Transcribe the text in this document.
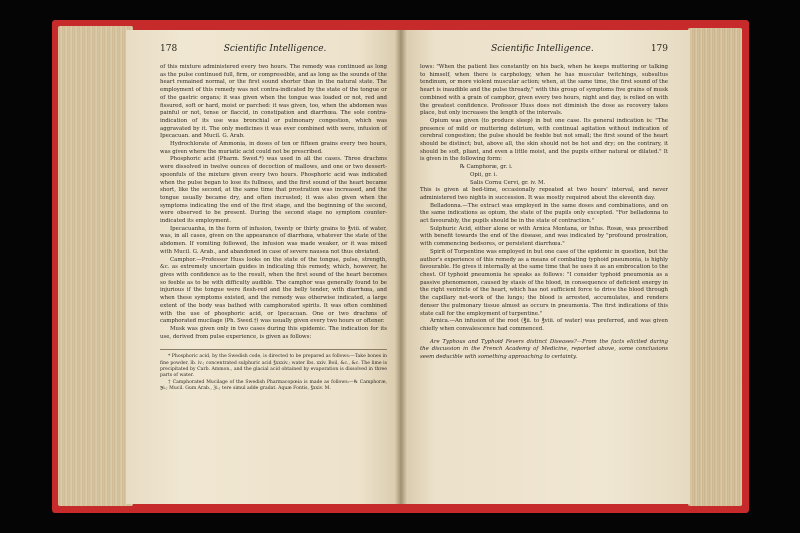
178	Scientific Intelligence.

of this mixture administered every two hours. The remedy was continued as long as the pulse continued full, firm, or compressible, and as long as the sounds of the heart remained normal, or the first sound shorter than in the natural state. The employment of this remedy was not contra-indicated by the state of the tongue or of the gastric organs; it was given when the tongue was loaded or not, red and fissured, soft or hard, moist or parched: it was given, too, when the abdomen was painful or not, tense or flaccid, in constipation and diarrhœa. The sole contra-indication of its use was bronchial or pulmonary congestion, which was aggravated by it. The only medicines it was ever combined with were, infusion of Ipecacuan. and Mucil. G. Arab.

Hydrochlorate of Ammonia, in doses of ten or fifteen grains every two hours, was given where the muriatic acid could not be prescribed.

Phosphoric acid (Pharm. Swed.*) was used in all the cases. Three drachms were dissolved in twelve ounces of decoction of mallows, and one or two dessert-spoonfuls of the mixture given every two hours. Phosphoric acid was indicated when the pulse began to lose its fullness, and the first sound of the heart became short, like the second, at the same time that prostration was increased, and the tongue usually became dry, and often incrusted; it was also given when the symptoms indicating the end of the first stage, and the beginning of the second, were observed to be present. During the second stage no symptom counter-indicated its employment.

Ipecacuanha, in the form of infusion, twenty or thirty grains to ℥viii. of water, was, in all cases, given on the appearance of diarrhœa, whatever the state of the abdomen. If vomiting followed, the infusion was made weaker, or it was mixed with Mucil. G. Arab., and abandoned in case of severe nausea not thus obviated.

Camphor.—Professor Huss looks on the state of the tongue, pulse, strength, &c. as extremely uncertain guides in indicating this remedy, which, however, he gives with confidence as to the result, when the first sound of the heart becomes so feeble as to be with difficulty audible. The camphor was generally found to be injurious if the tongue were flesh-red and the belly tender, with diarrhœa, and when these symptoms existed, and the remedy was otherwise indicated, a large extent of the body was bathed with camphorated spirits. It was often combined with the use of phosphoric acid, or Ipecacuan. One or two drachms of camphorated mucilage (Ph. Swed.†) was usually given every two hours or oftener.

Musk was given only in two cases during this epidemic. The indication for its use, derived from pulse experience, is given as follows:

* Phosphoric acid, by the Swedish code, is directed to be prepared as follows:—Take bones in fine powder, lb. iv.; concentrated sulphuric acid ℥xxxiv.; water lbs. xxiv. Boil, &c., &c. The lime is precipitated by Carb. Ammon., and the glacial acid obtained by evaporation is dissolved in three parts of water.

† Camphorated Mucilage of the Swedish Pharmacopœia is made as follows:—℞ Camphoræ, ℈i.; Mucil. Gum Arab., ℨi.; tere simul adde gradat. Aquæ Fontis, ℥xxiv. M.

Scientific Intelligence.	179

lows: "When the patient lies constantly on his back, when he keeps muttering or talking to himself, when there is carphology, when he has muscular twitchings, subsultus tendinum, or more violent muscular action; when, at the same time, the first sound of the heart is inaudible and the pulse thready," with this group of symptoms five grains of musk combined with a grain of camphor, given every two hours, night and day, is relied on with the greatest confidence. Professor Huss does not diminish the dose as recovery takes place, but only increases the length of the intervals.

Opium was given (to produce sleep) in but one case. Its general indication is: "The presence of mild or muttering delirium, with continual agitation without indication of cerebral congestion; the pulse should be feeble but not small; the first sound of the heart should be distinct; but, above all, the skin should not be hot and dry; on the contrary, it should be soft, pliant, and even a little moist, and the pupils either natural or dilated." It is given in the following form:

℞ Camphoræ, gr. i.
Opii, gr. i.
Salis Cornu Cervi, gr. iv. M.

This is given at bed-time, occasionally repeated at two hours' interval, and never administered two nights in succession. It was mostly required about the eleventh day.

Belladonna.—The extract was employed in the same doses and combinations, and on the same indications as opium, the state of the pupils only excepted. "For belladonna to act favourably, the pupils should be in the state of contraction."

Sulphuric Acid, either alone or with Arnica Montana, or Infus. Rosæ, was prescribed with benefit towards the end of the disease, and was indicated by "profound prostration, with commencing bedsores, or persistent diarrhœa."

Spirit of Turpentine was employed in but one case of the epidemic in question, but the author's experience of this remedy as a means of combating typhoid pneumonia, is highly favourable. He gives it internally at the same time that he uses it as an embrocation to the chest. Of typhoid pneumonia he speaks as follows: "I consider typhoid pneumonia as a passive phenomenon, caused by stasis of the blood, in consequence of deficient energy in the right ventricle of the heart, which has not sufficient force to drive the blood through the capillary net-work of the lungs; the blood is arrested, accumulates, and renders denser the pulmonary tissue almost as occurs in pneumonia. The first indications of this state call for the employment of turpentine."

Arnica.—An infusion of the root (℥ii. to ℥viii. of water) was preferred, and was given chiefly when convalescence had commenced.

Are Typhous and Typhoid Fevers distinct Diseases?—From the facts elicited during the discussion in the French Academy of Medicine, reported above, some conclusions seem deducible with something approaching to certainty.
